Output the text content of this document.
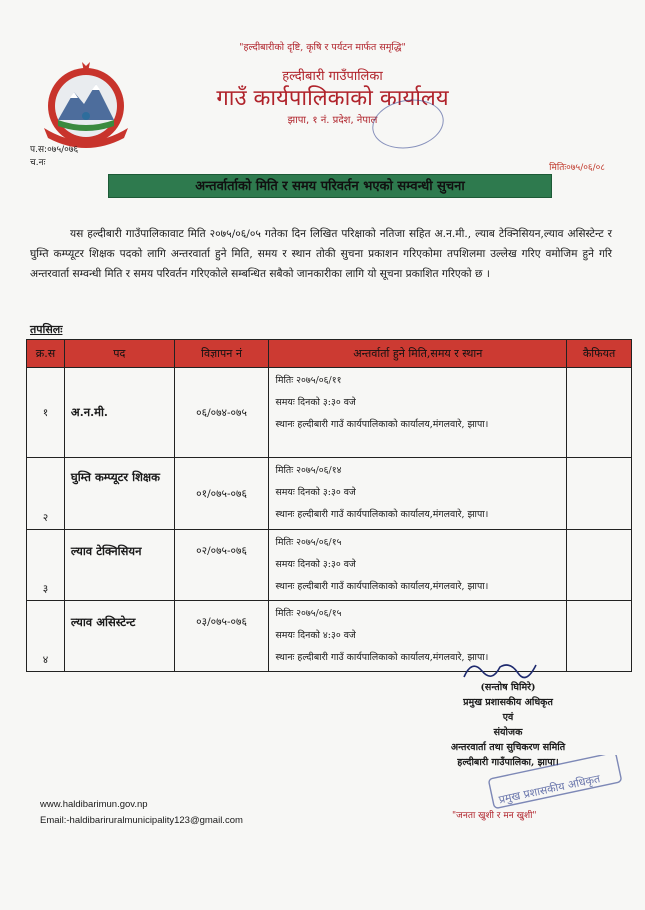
"हल्दीबारीको दृष्टि, कृषि र पर्यटन मार्फत समृद्धि"
हल्दीबारी गाउँपालिका
गाउँ कार्यपालिकाको कार्यालय
झापा, १ नं. प्रदेश, नेपाल
प.स:०७५/०७६
च.नः	मितिः०७५/०६/०८
अन्तर्वार्ताको मिति र समय परिवर्तन भएको सम्वन्धी सुचना
यस हल्दीबारी गाउँपालिकावाट मिति २०७५/०६/०५ गतेका दिन लिखित परिक्षाको नतिजा सहित अ.न.मी., ल्याब टेक्निसियन,ल्याव असिस्टेन्ट र घुम्ति कम्प्यूटर शिक्षक पदको लागि अन्तरवार्ता हुने मिति, समय र स्थान तोकी सुचना प्रकाशन गरिएकोमा तपशिलमा उल्लेख गरिए वमोजिम हुने गरि अन्तरवार्ता सम्वन्धी मिति र समय परिवर्तन गरिएकोले सम्बन्धित सबैको जानकारीका लागि यो सूचना प्रकाशित गरिएको छ ।
तपसिलः
क्र.स	पद	विज्ञापन नं	अन्तर्वार्ता हुने मिति,समय र स्थान	कैफियत
१	अ.न.मी.	०६/०७४-०७५	मितिः २०७५/०६/११
समयः दिनको ३:३० वजे
स्थानः हल्दीबारी गाउँ कार्यपालिकाको कार्यालय,मंगलवारे, झापा।	

२	घुम्ति कम्प्यूटर शिक्षक	०१/०७५-०७६	मितिः २०७५/०६/१४
समयः दिनको ३:३० वजे
स्थानः हल्दीबारी गाउँ कार्यपालिकाको कार्यालय,मंगलवारे, झापा।	

३	ल्याव टेक्निसियन	०२/०७५-०७६	मितिः २०७५/०६/१५
समयः दिनको ३:३० वजे
स्थानः हल्दीबारी गाउँ कार्यपालिकाको कार्यालय,मंगलवारे, झापा।	

४	ल्याव असिस्टेन्ट	०३/०७५-०७६	मितिः २०७५/०६/१५
समयः दिनको ४:३० वजे
स्थानः हल्दीबारी गाउँ कार्यपालिकाको कार्यालय,मंगलवारे, झापा।	

(सन्तोष घिमिरे)
प्रमुख प्रशासकीय अधिकृत
एवं
संयोजक
अन्तरवार्ता तथा सुचिकरण समिति
हल्दीबारी गाउँपालिका, झापा।
प्रमुख प्रशासकीय अधिकृत
www.haldibarimun.gov.np
Email:-haldibariruralmunicipality123@gmail.com	"जनता खुशी र मन खुशी"
